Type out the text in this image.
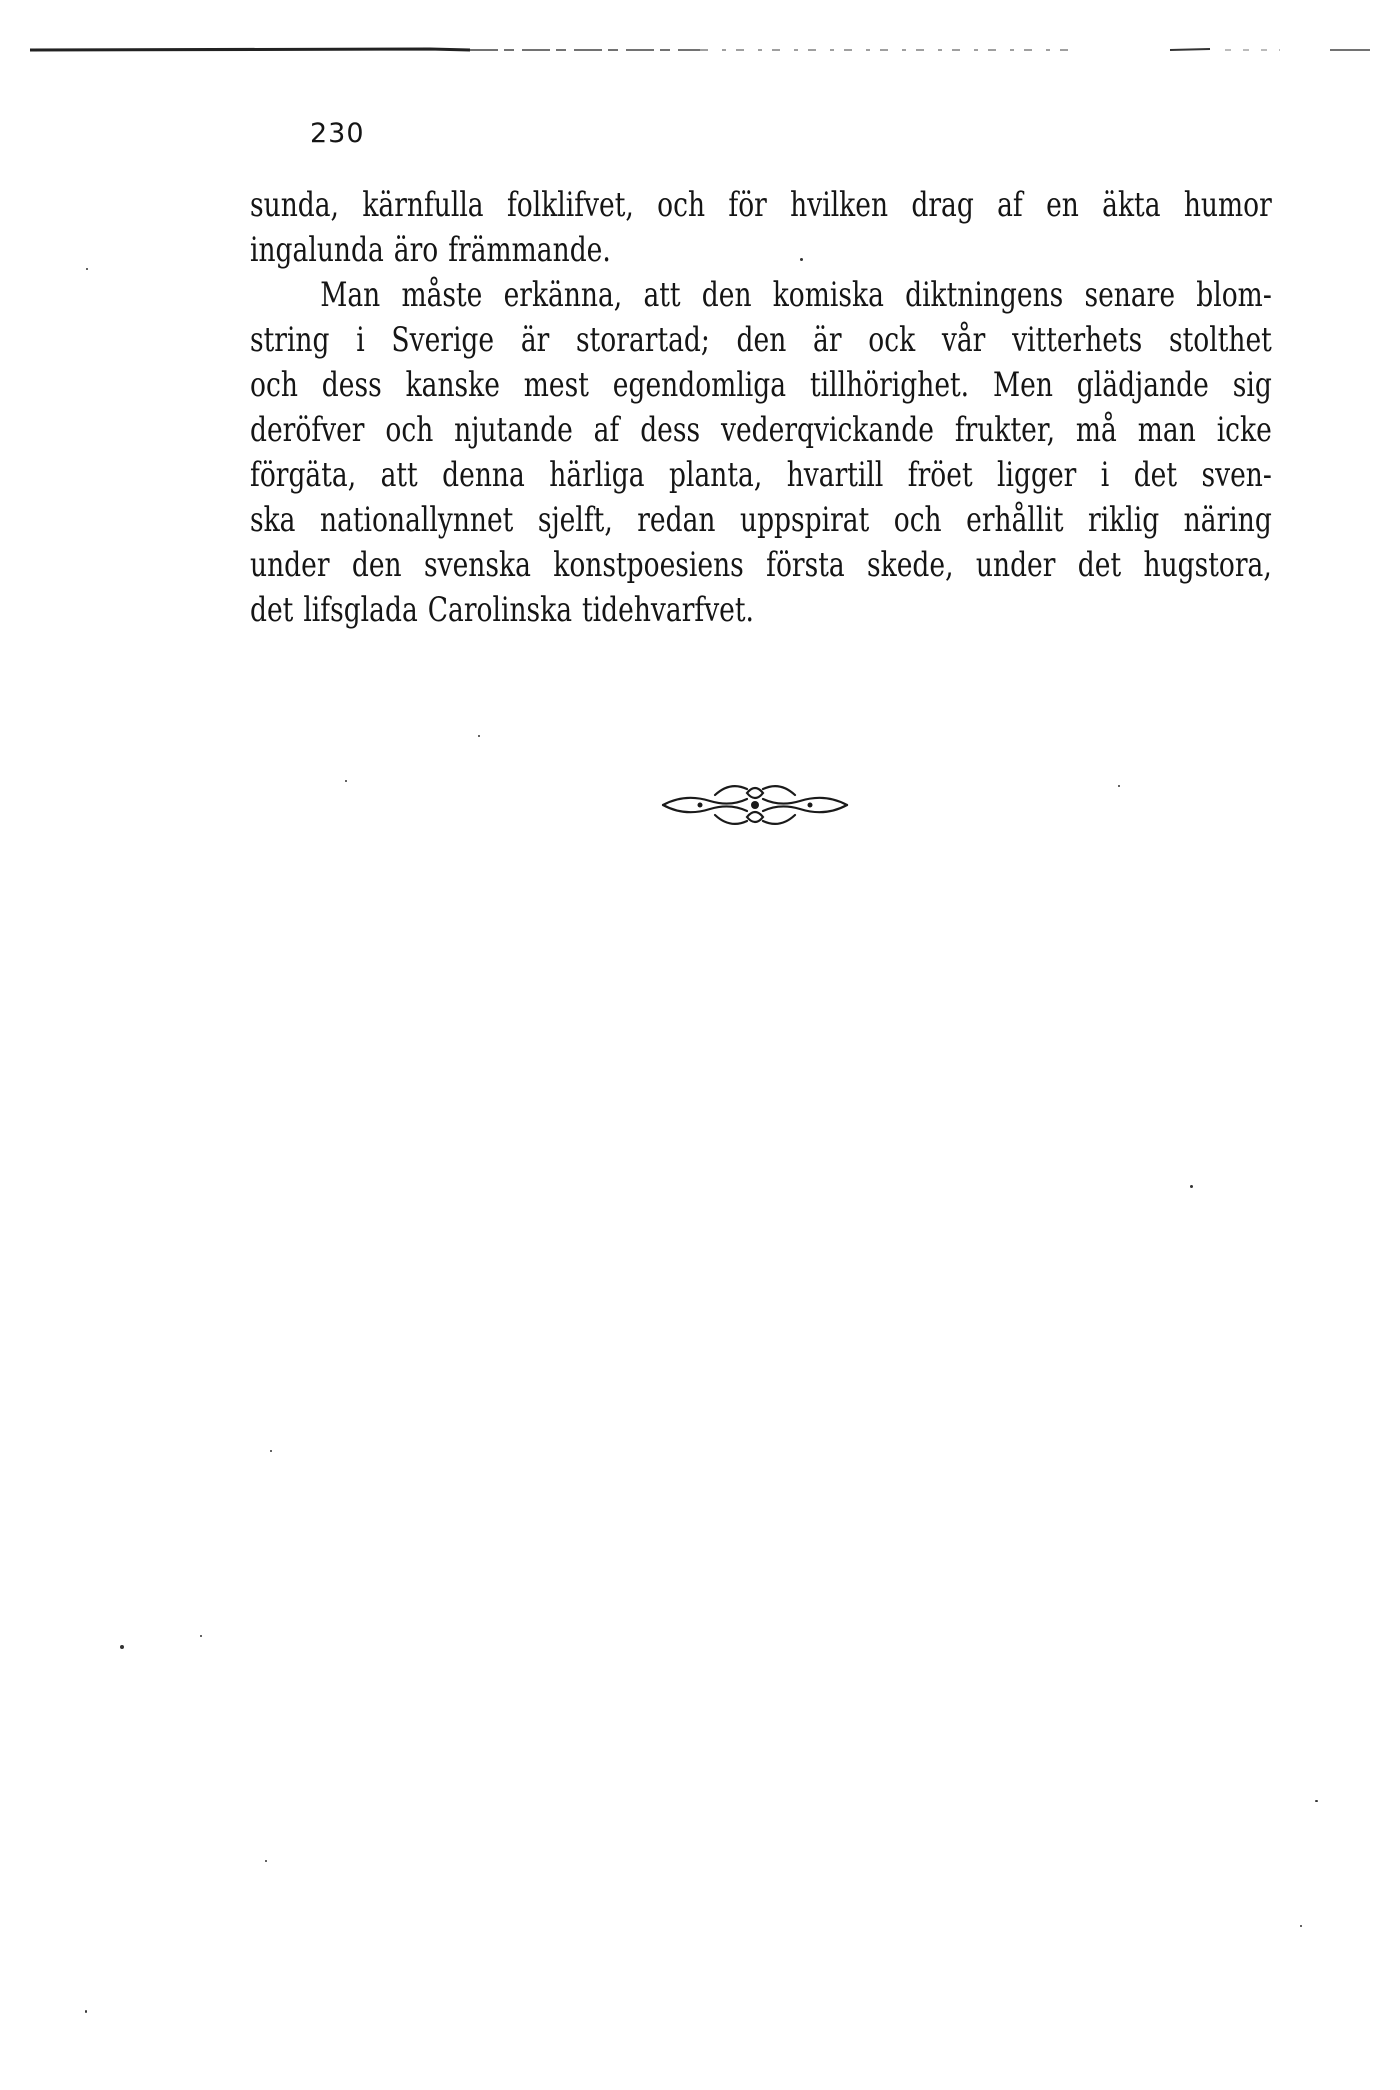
230
sunda, kärnfulla folklifvet, och för hvilken drag af en äkta humor
ingalunda äro främmande.
Man måste erkänna, att den komiska diktningens senare blom-
string i Sverige är storartad; den är ock vår vitterhets stolthet
och dess kanske mest egendomliga tillhörighet. Men glädjande sig
deröfver och njutande af dess vederqvickande frukter, må man icke
förgäta, att denna härliga planta, hvartill fröet ligger i det sven-
ska nationallynnet sjelft, redan uppspirat och erhållit riklig näring
under den svenska konstpoesiens första skede, under det hugstora,
det lifsglada Carolinska tidehvarfvet.
